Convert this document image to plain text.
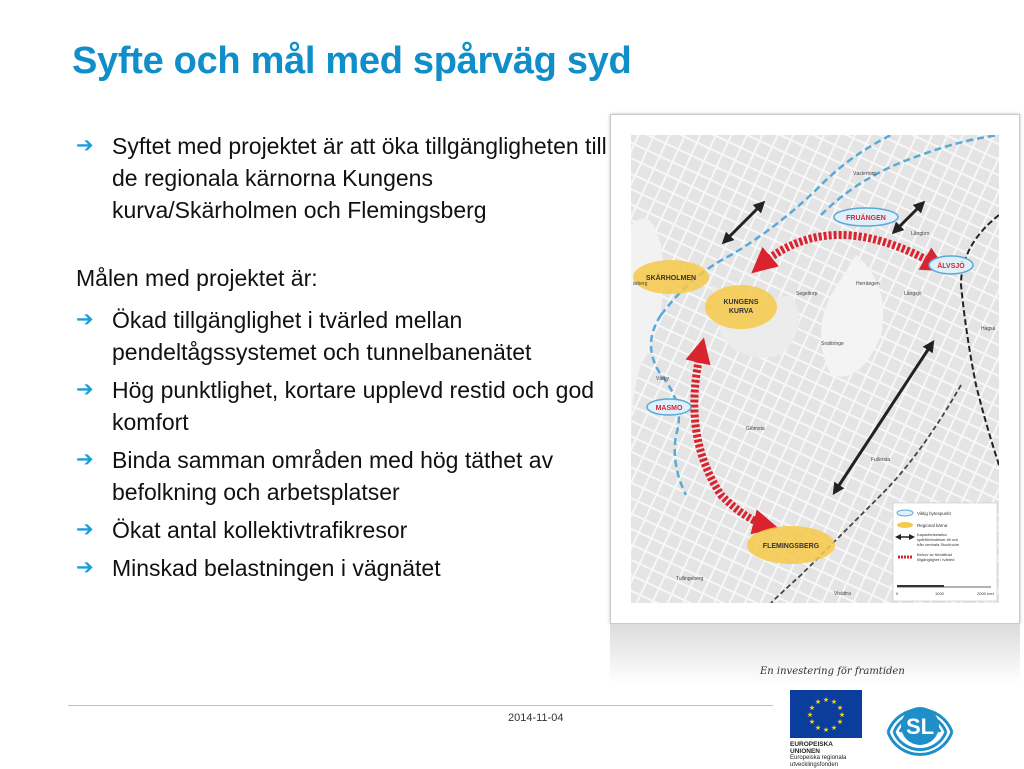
Syfte och mål med spårväg syd
➔ Syftet med projektet är att öka tillgängligheten till de regionala kärnorna Kungens kurva/Skärholmen och Flemingsberg
Målen med projektet är:
➔ Ökad tillgänglighet i tvärled mellan pendeltågssystemet och tunnelbanenätet
➔ Hög punktlighet, kortare upplevd restid och god komfort
➔ Binda samman områden med hög täthet av befolkning och arbetsplatser
➔ Ökat antal kollektivtrafikresor
➔ Minskad belastningen i vägnätet
SKÄRHOLMEN
KUNGENS
KURVA
FRUÄNGEN
ÄLVSJÖ
MASMO
FLEMINGSBERG
Västertorp
Långbro
Segeltorp
Herrängen
Långsjö
Snättringe
Vårby
Glömsta
Fullersta
Tullingeberg
Visättra
Hagsä
ärberg
Viktig bytespunkt
Regional kärna
Kapacitetsstarka
spårförbindelser till och
från centrala Stockholm
Behov av förbättrad
tillgänglighet i tvärled
0	1000	2000 met
2014-11-04
En investering för framtiden
★ ★
★
★
★
★
★
★
★
★
★
★
EUROPEISKA UNIONEN
Europeiska regionala
utvecklingsfonden
SL
